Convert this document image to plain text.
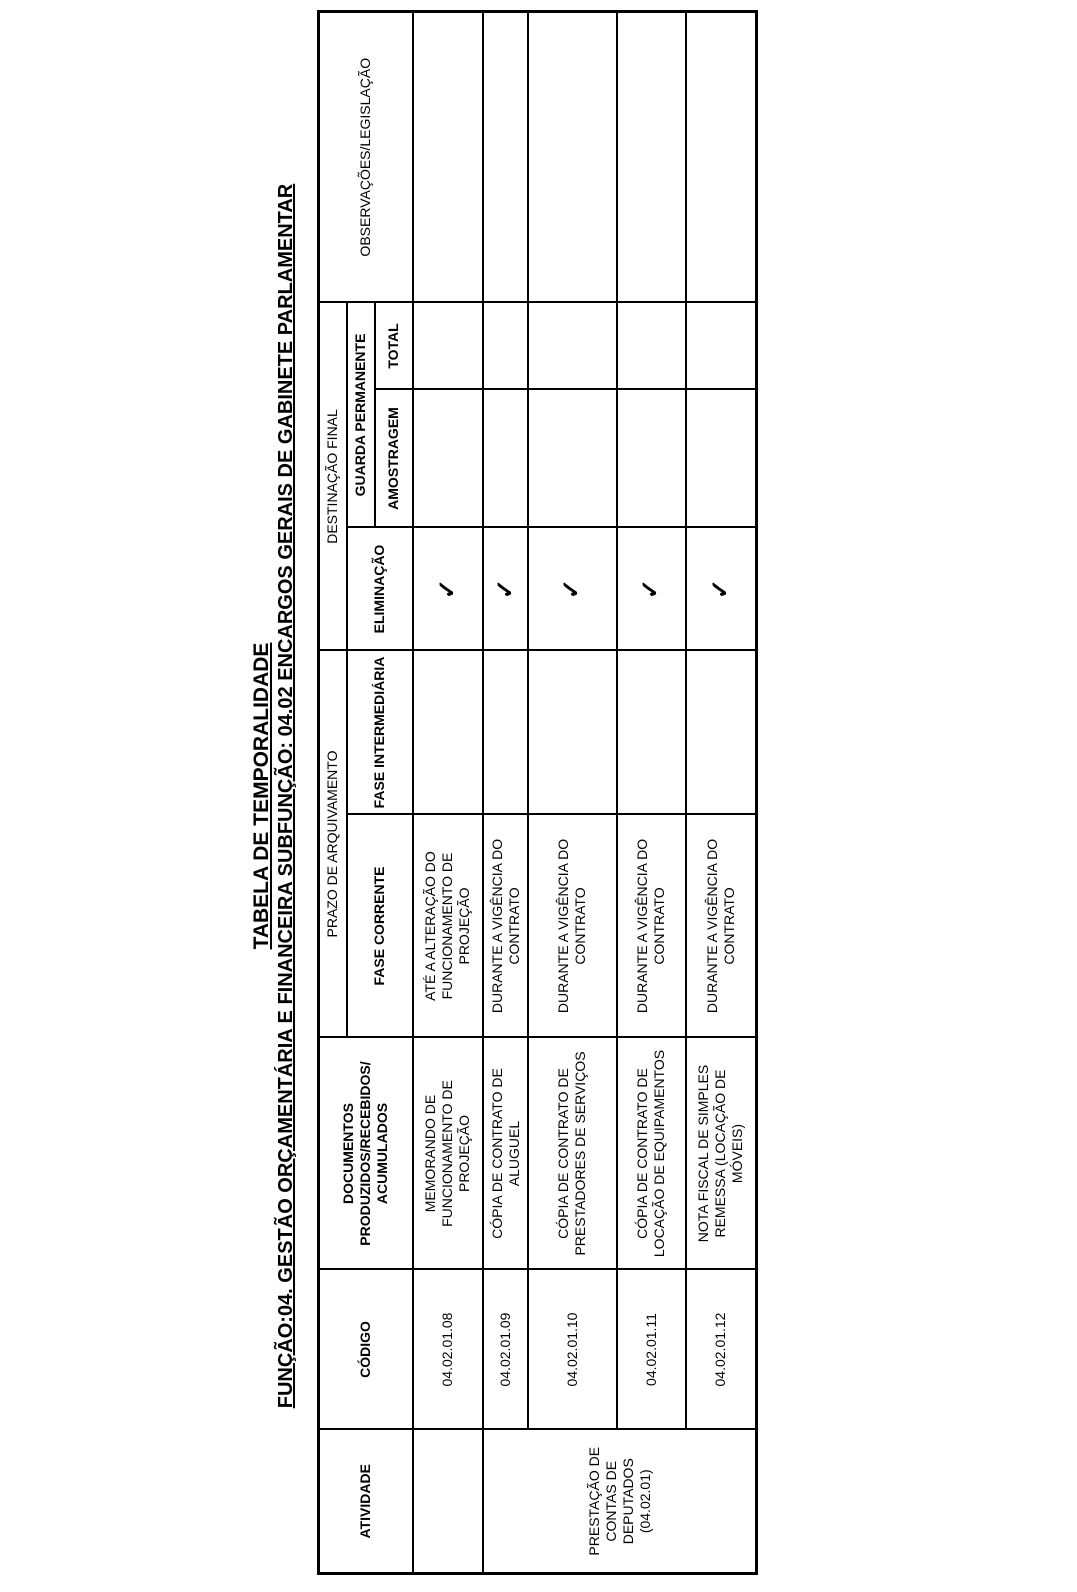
TABELA DE TEMPORALIDADE FUNÇÃO:04. GESTÃO ORÇAMENTÁRIA E FINANCEIRA SUBFUNÇÃO: 04.02 ENCARGOS GERAIS DE GABINETE PARLAMENTAR
ATIVIDADE	CÓDIGO	DOCUMENTOS PRODUZIDOS/RECEBIDOS/ ACUMULADOS	PRAZO DE ARQUIVAMENTO		DESTINAÇÃO FINAL			OBSERVAÇÕES/LEGISLAÇÃO
			FASE CORRENTE	FASE INTERMEDIÁRIA	ELIMINAÇÃO	GUARDA PERMANENTE		
						AMOSTRAGEM	TOTAL	
	04.02.01.08	MEMORANDO DE FUNCIONAMENTO DE PROJEÇÃO	ATÉ A ALTERAÇÃO DO FUNCIONAMENTO DE PROJEÇÃO		✓			
PRESTAÇÃO DE CONTAS DE DEPUTADOS (04.02.01)	04.02.01.09	CÓPIA DE CONTRATO DE ALUGUEL	DURANTE A VIGÊNCIA DO CONTRATO		✓			
	04.02.01.10	CÓPIA DE CONTRATO DE PRESTADORES DE SERVIÇOS	DURANTE A VIGÊNCIA DO CONTRATO		✓			
	04.02.01.11	CÓPIA DE CONTRATO DE LOCAÇÃO DE EQUIPAMENTOS	DURANTE A VIGÊNCIA DO CONTRATO		✓			
	04.02.01.12	NOTA FISCAL DE SIMPLES REMESSA (LOCAÇÃO DE MÓVEIS)	DURANTE A VIGÊNCIA DO CONTRATO		✓			
